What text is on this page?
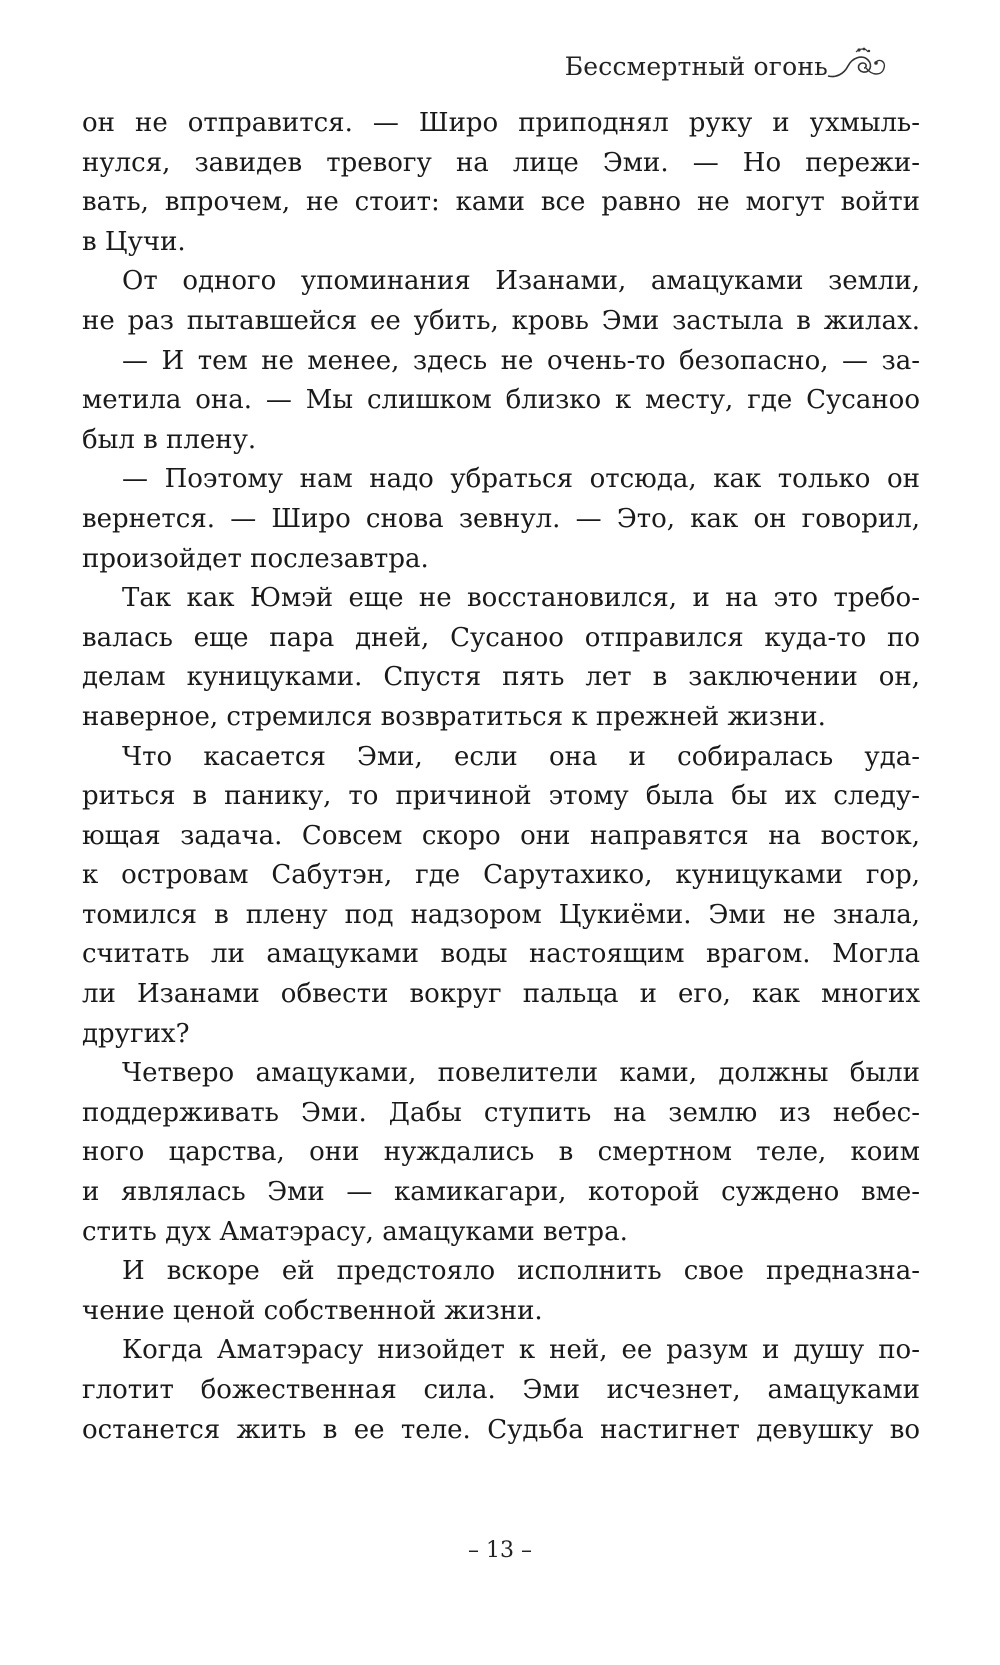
Бессмертный огонь
он не отправится. — Широ приподнял руку и ухмыль-
нулся, завидев тревогу на лице Эми. — Но пережи-
вать, впрочем, не стоит: ками все равно не могут войти
в Цучи.
От одного упоминания Изанами, амацуками земли,
не раз пытавшейся ее убить, кровь Эми застыла в жилах.
— И тем не менее, здесь не очень-то безопасно, — за-
метила она. — Мы слишком близко к месту, где Сусаноо
был в плену.
— Поэтому нам надо убраться отсюда, как только он
вернется. — Широ снова зевнул. — Это, как он говорил,
произойдет послезавтра.
Так как Юмэй еще не восстановился, и на это требо-
валась еще пара дней, Сусаноо отправился куда-то по
делам куницуками. Спустя пять лет в заключении он,
наверное, стремился возвратиться к прежней жизни.
Что касается Эми, если она и собиралась уда-
риться в панику, то причиной этому была бы их следу-
ющая задача. Совсем скоро они направятся на восток,
к островам Сабутэн, где Сарутахико, куницуками гор,
томился в плену под надзором Цукиёми. Эми не знала,
считать ли амацуками воды настоящим врагом. Могла
ли Изанами обвести вокруг пальца и его, как многих
других?
Четверо амацуками, повелители ками, должны были
поддерживать Эми. Дабы ступить на землю из небес-
ного царства, они нуждались в смертном теле, коим
и являлась Эми — камикагари, которой суждено вме-
стить дух Аматэрасу, амацуками ветра.
И вскоре ей предстояло исполнить свое предназна-
чение ценой собственной жизни.
Когда Аматэрасу низойдет к ней, ее разум и душу по-
глотит божественная сила. Эми исчезнет, амацуками
останется жить в ее теле. Судьба настигнет девушку во
– 13 –
